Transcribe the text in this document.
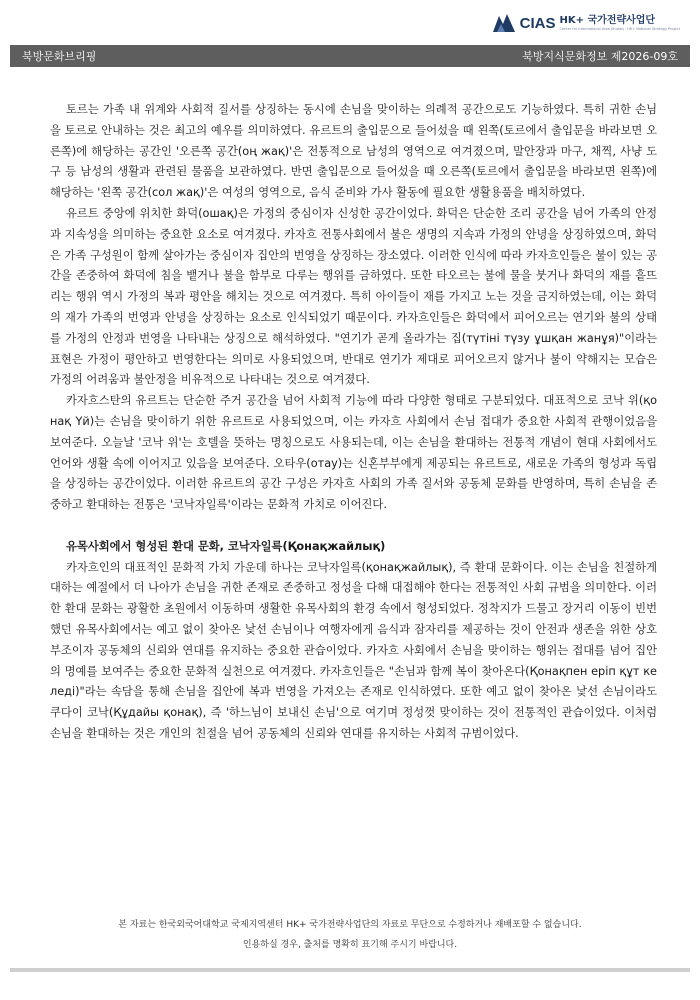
CIAS HK+ 국가전략사업단
Center for International Area Studies · HK+ National Strategy Project
북방문화브리핑	북방지식문화정보 제2026-09호

토르는 가족 내 위계와 사회적 질서를 상징하는 동시에 손님을 맞이하는 의례적 공간으로도 기능하였다. 특히 귀한 손님을 토르로 안내하는 것은 최고의 예우를 의미하였다. 유르트의 출입문으로 들어섰을 때 왼쪽(토르에서 출입문을 바라보면 오른쪽)에 해당하는 공간인 '오른쪽 공간(оң жақ)'은 전통적으로 남성의 영역으로 여겨졌으며, 말안장과 마구, 채찍, 사냥 도구 등 남성의 생활과 관련된 물품을 보관하였다. 반면 출입문으로 들어섰을 때 오른쪽(토르에서 출입문을 바라보면 왼쪽)에 해당하는 '왼쪽 공간(сол жақ)'은 여성의 영역으로, 음식 준비와 가사 활동에 필요한 생활용품을 배치하였다.

유르트 중앙에 위치한 화덕(ошақ)은 가정의 중심이자 신성한 공간이었다. 화덕은 단순한 조리 공간을 넘어 가족의 안정과 지속성을 의미하는 중요한 요소로 여겨졌다. 카자흐 전통사회에서 불은 생명의 지속과 가정의 안녕을 상징하였으며, 화덕은 가족 구성원이 함께 살아가는 중심이자 집안의 번영을 상징하는 장소였다. 이러한 인식에 따라 카자흐인들은 불이 있는 공간을 존중하여 화덕에 침을 뱉거나 불을 함부로 다루는 행위를 금하였다. 또한 타오르는 불에 물을 붓거나 화덕의 재를 흩뜨리는 행위 역시 가정의 복과 평안을 해치는 것으로 여겨졌다. 특히 아이들이 재를 가지고 노는 것을 금지하였는데, 이는 화덕의 재가 가족의 번영과 안녕을 상징하는 요소로 인식되었기 때문이다. 카자흐인들은 화덕에서 피어오르는 연기와 불의 상태를 가정의 안정과 번영을 나타내는 상징으로 해석하였다. "연기가 곧게 올라가는 집(түтіні түзу ұшқан жанұя)"이라는 표현은 가정이 평안하고 번영한다는 의미로 사용되었으며, 반대로 연기가 제대로 피어오르지 않거나 불이 약해지는 모습은 가정의 어려움과 불안정을 비유적으로 나타내는 것으로 여겨졌다.

카자흐스탄의 유르트는 단순한 주거 공간을 넘어 사회적 기능에 따라 다양한 형태로 구분되었다. 대표적으로 코낙 위(қонақ Үй)는 손님을 맞이하기 위한 유르트로 사용되었으며, 이는 카자흐 사회에서 손님 접대가 중요한 사회적 관행이었음을 보여준다. 오늘날 '코낙 위'는 호텔을 뜻하는 명칭으로도 사용되는데, 이는 손님을 환대하는 전통적 개념이 현대 사회에서도 언어와 생활 속에 이어지고 있음을 보여준다. 오타우(отау)는 신혼부부에게 제공되는 유르트로, 새로운 가족의 형성과 독립을 상징하는 공간이었다. 이러한 유르트의 공간 구성은 카자흐 사회의 가족 질서와 공동체 문화를 반영하며, 특히 손님을 존중하고 환대하는 전통은 '코낙자일륵'이라는 문화적 가치로 이어진다.

유목사회에서 형성된 환대 문화, 코낙자일륵(Қонақжайлық)

카자흐인의 대표적인 문화적 가치 가운데 하나는 코낙자일륵(қонақжайлық), 즉 환대 문화이다. 이는 손님을 친절하게 대하는 예절에서 더 나아가 손님을 귀한 존재로 존중하고 정성을 다해 대접해야 한다는 전통적인 사회 규범을 의미한다. 이러한 환대 문화는 광활한 초원에서 이동하며 생활한 유목사회의 환경 속에서 형성되었다. 정착지가 드물고 장거리 이동이 빈번했던 유목사회에서는 예고 없이 찾아온 낯선 손님이나 여행자에게 음식과 잠자리를 제공하는 것이 안전과 생존을 위한 상호부조이자 공동체의 신뢰와 연대를 유지하는 중요한 관습이었다. 카자흐 사회에서 손님을 맞이하는 행위는 접대를 넘어 집안의 명예를 보여주는 중요한 문화적 실천으로 여겨졌다. 카자흐인들은 "손님과 함께 복이 찾아온다(Қонақпен еріп құт келеді)"라는 속담을 통해 손님을 집안에 복과 번영을 가져오는 존재로 인식하였다. 또한 예고 없이 찾아온 낯선 손님이라도 쿠다이 코낙(Құдайы қонақ), 즉 '하느님이 보내신 손님'으로 여기며 정성껏 맞이하는 것이 전통적인 관습이었다. 이처럼 손님을 환대하는 것은 개인의 친절을 넘어 공동체의 신뢰와 연대를 유지하는 사회적 규범이었다.

본 자료는 한국외국어대학교 국제지역센터 HK+ 국가전략사업단의 자료로 무단으로 수정하거나 재배포할 수 없습니다.
인용하실 경우, 출처를 명확히 표기해 주시기 바랍니다.
